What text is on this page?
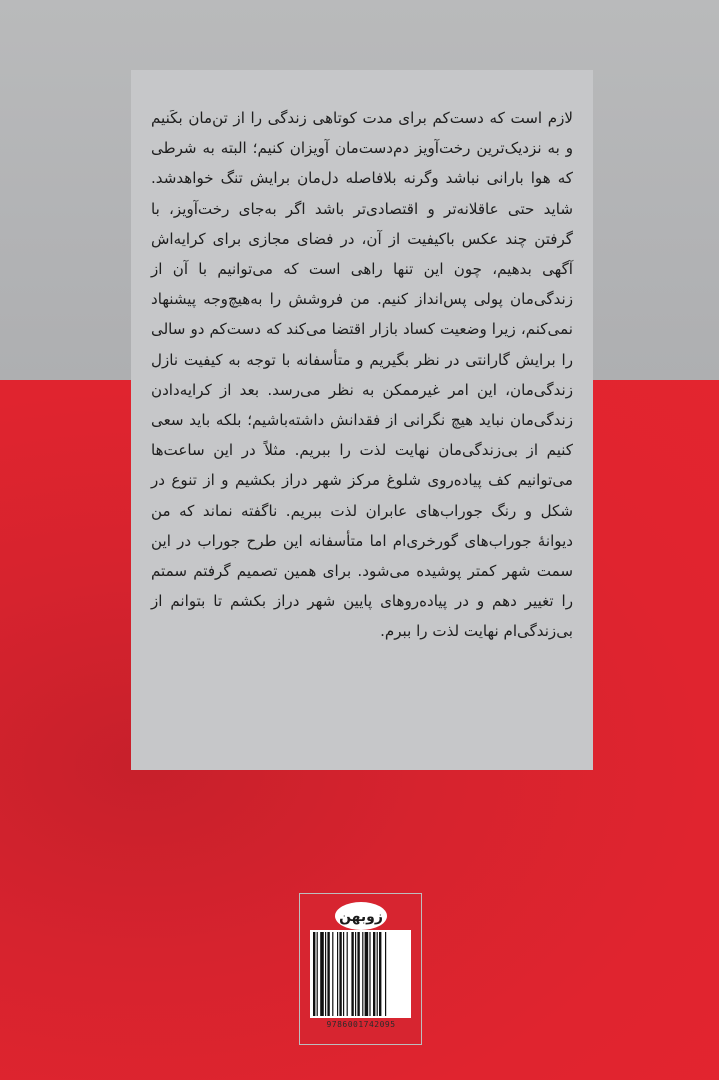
لازم است که دست‌کم برای مدت کوتاهی زندگی را از تن‌مان بکَنیم و به نزدیک‌ترین رخت‌آویز دم‌دست‌مان آویزان کنیم؛ البته به شرطی که هوا بارانی نباشد وگرنه بلافاصله دل‌مان برایش تنگ خواهدشد. شاید حتی عاقلانه‌تر و اقتصادی‌تر باشد اگر به‌جای رخت‌آویز، با گرفتن چند عکس باکیفیت از آن، در فضای مجازی برای کرایه‌اش آگهی بدهیم، چون این تنها راهی است که می‌توانیم با آن از زندگی‌مان پولی پس‌انداز کنیم. من فروشش را به‌هیچ‌وجه پیشنهاد نمی‌کنم، زیرا وضعیت کساد بازار اقتضا می‌کند که دست‌کم دو سالی را برایش گارانتی در نظر بگیریم و متأسفانه با توجه به کیفیت نازل زندگی‌مان، این امر غیرممکن به نظر می‌رسد. بعد از کرایه‌دادن زندگی‌مان نباید هیچ نگرانی از فقدانش داشته‌باشیم؛ بلکه باید سعی کنیم از بی‌زندگی‌مان نهایت لذت را ببریم. مثلاً در این ساعت‌ها می‌توانیم کف پیاده‌روی شلوغ مرکز شهر دراز بکشیم و از تنوع در شکل و رنگ جوراب‌های عابران لذت ببریم. ناگفته نماند که من دیوانهٔ جوراب‌های گورخری‌ام اما متأسفانه این طرح جوراب در این سمت شهر کمتر پوشیده می‌شود. برای همین تصمیم گرفتم سمتم را تغییر دهم و در پیاده‌روهای پایین شهر دراز بکشم تا بتوانم از بی‌زندگی‌ام نهایت لذت را ببرم.

زوبهن
9786001742095
